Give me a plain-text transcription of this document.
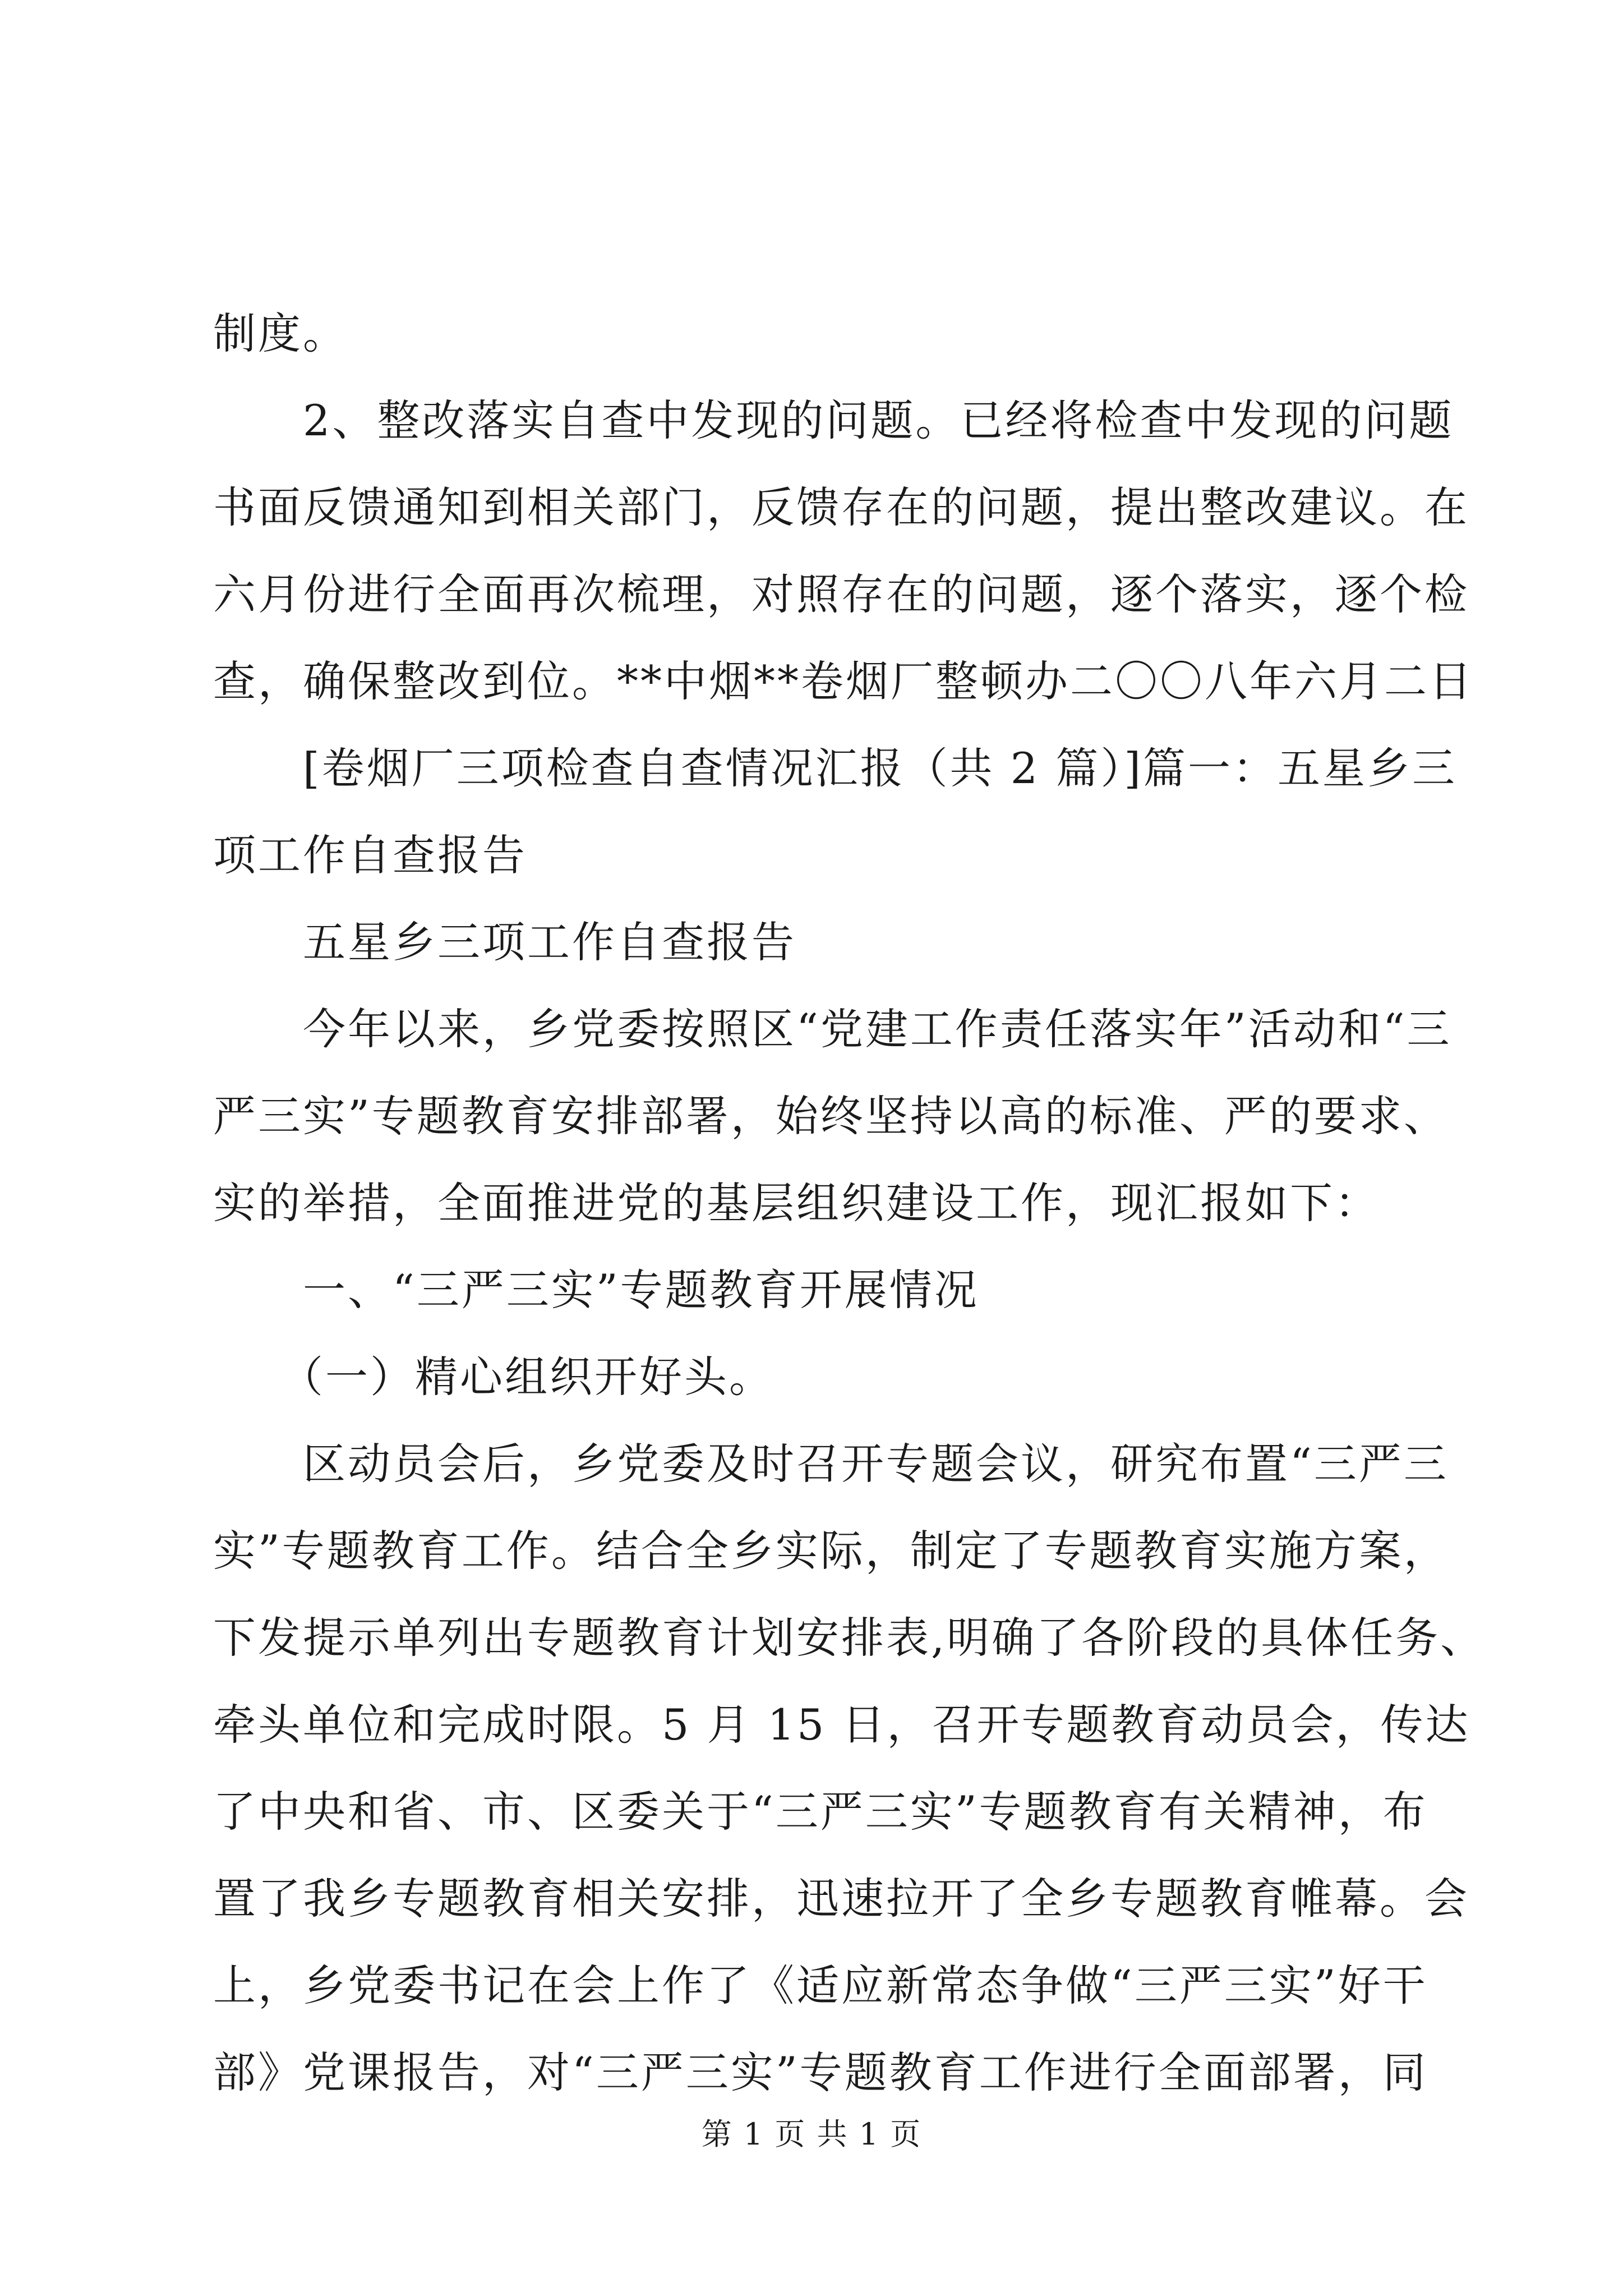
制度。
2、整改落实自查中发现的问题。已经将检查中发现的问题
书面反馈通知到相关部门，反馈存在的问题，提出整改建议。在
六月份进行全面再次梳理，对照存在的问题，逐个落实，逐个检
查，确保整改到位。**中烟**卷烟厂整顿办二〇〇八年六月二日
[卷烟厂三项检查自查情况汇报（共 2 篇）]篇一：五星乡三
项工作自查报告
五星乡三项工作自查报告
今年以来，乡党委按照区“党建工作责任落实年”活动和“三
严三实”专题教育安排部署，始终坚持以高的标准、严的要求、
实的举措，全面推进党的基层组织建设工作，现汇报如下：
一、“三严三实”专题教育开展情况
（一）精心组织开好头。
区动员会后，乡党委及时召开专题会议，研究布置“三严三
实”专题教育工作。结合全乡实际，制定了专题教育实施方案，
下发提示单列出专题教育计划安排表,明确了各阶段的具体任务、
牵头单位和完成时限。5 月 15 日，召开专题教育动员会，传达
了中央和省、市、区委关于“三严三实”专题教育有关精神，布
置了我乡专题教育相关安排，迅速拉开了全乡专题教育帷幕。会
上，乡党委书记在会上作了《适应新常态争做“三严三实”好干
部》党课报告，对“三严三实”专题教育工作进行全面部署，同
第 1 页 共 1 页
